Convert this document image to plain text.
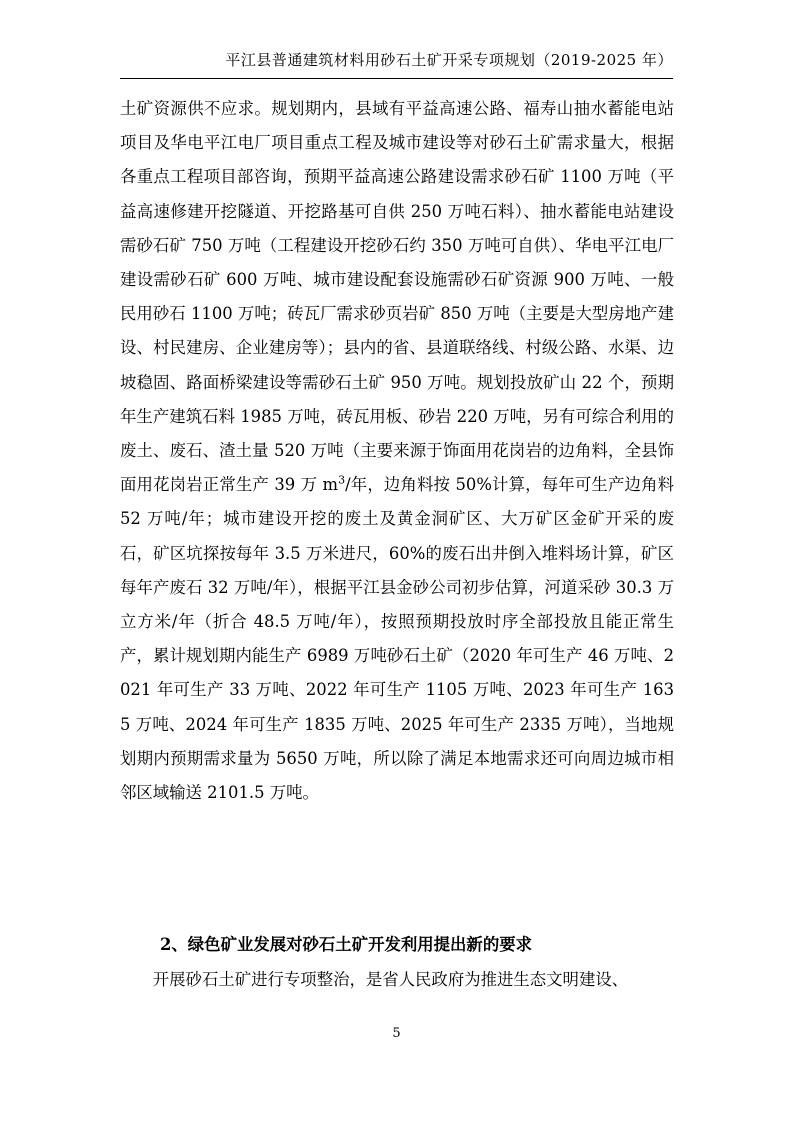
平江县普通建筑材料用砂石土矿开采专项规划（2019-2025 年）

土矿资源供不应求。规划期内，县域有平益高速公路、福寿山抽水蓄能电站项目及华电平江电厂项目重点工程及城市建设等对砂石土矿需求量大，根据各重点工程项目部咨询，预期平益高速公路建设需求砂石矿 1100 万吨（平益高速修建开挖隧道、开挖路基可自供 250 万吨石料）、抽水蓄能电站建设需砂石矿 750 万吨（工程建设开挖砂石约 350 万吨可自供）、华电平江电厂建设需砂石矿 600 万吨、城市建设配套设施需砂石矿资源 900 万吨、一般民用砂石 1100 万吨；砖瓦厂需求砂页岩矿 850 万吨（主要是大型房地产建设、村民建房、企业建房等）；县内的省、县道联络线、村级公路、水渠、边坡稳固、路面桥梁建设等需砂石土矿 950 万吨。规划投放矿山 22 个，预期年生产建筑石料 1985 万吨，砖瓦用板、砂岩 220 万吨，另有可综合利用的废土、废石、渣土量 520 万吨（主要来源于饰面用花岗岩的边角料，全县饰面用花岗岩正常生产 39 万 $m^3/$年，边角料按 50%计算，每年可生产边角料 52 万吨/年；城市建设开挖的废土及黄金洞矿区、大万矿区金矿开采的废石，矿区坑探按每年 3.5 万米进尺，60%的废石出井倒入堆料场计算，矿区每年产废石 32 万吨/年），根据平江县金砂公司初步估算，河道采砂 30.3 万立方米/年（折合 48.5 万吨/年），按照预期投放时序全部投放且能正常生产，累计规划期内能生产 6989 万吨砂石土矿（2020 年可生产 46 万吨、2021 年可生产 33 万吨、2022 年可生产 1105 万吨、2023 年可生产 1635 万吨、2024 年可生产 1835 万吨、2025 年可生产 2335 万吨），当地规划期内预期需求量为 5650 万吨，所以除了满足本地需求还可向周边城市相邻区域输送 2101.5 万吨。

2、绿色矿业发展对砂石土矿开发利用提出新的要求

开展砂石土矿进行专项整治，是省人民政府为推进生态文明建设、

5
